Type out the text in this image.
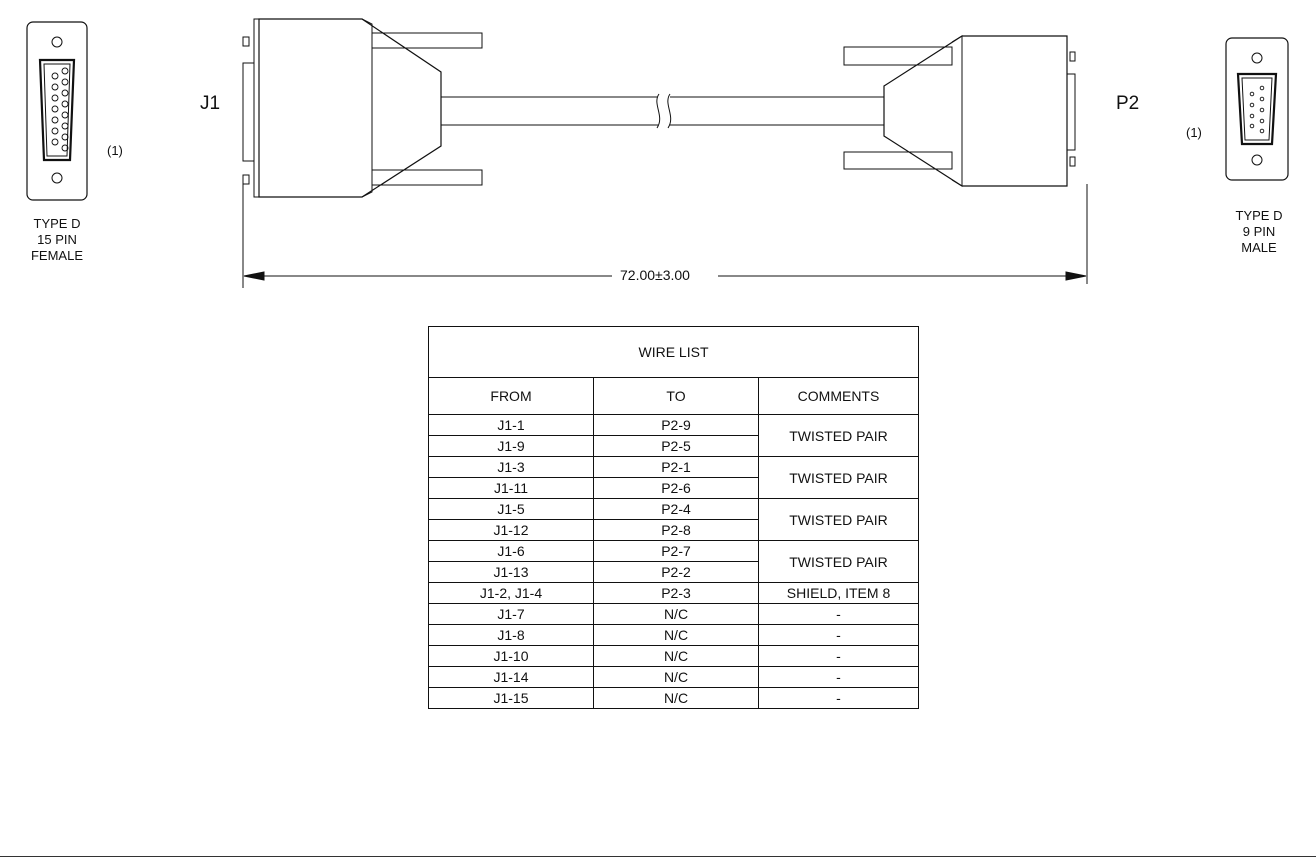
(1)
TYPE D
15 PIN
FEMALE
J1	P2
(1)
TYPE D
9 PIN
MALE
72.00±3.00
WIRE LIST		
FROM	TO	COMMENTS
J1-1	P2-9	TWISTED PAIR
J1-9	P2-5	
J1-3	P2-1	TWISTED PAIR
J1-11	P2-6	
J1-5	P2-4	TWISTED PAIR
J1-12	P2-8	
J1-6	P2-7	TWISTED PAIR
J1-13	P2-2	
J1-2, J1-4	P2-3	SHIELD, ITEM 8
J1-7	N/C	-
J1-8	N/C	-
J1-10	N/C	-
J1-14	N/C	-
J1-15	N/C	-
